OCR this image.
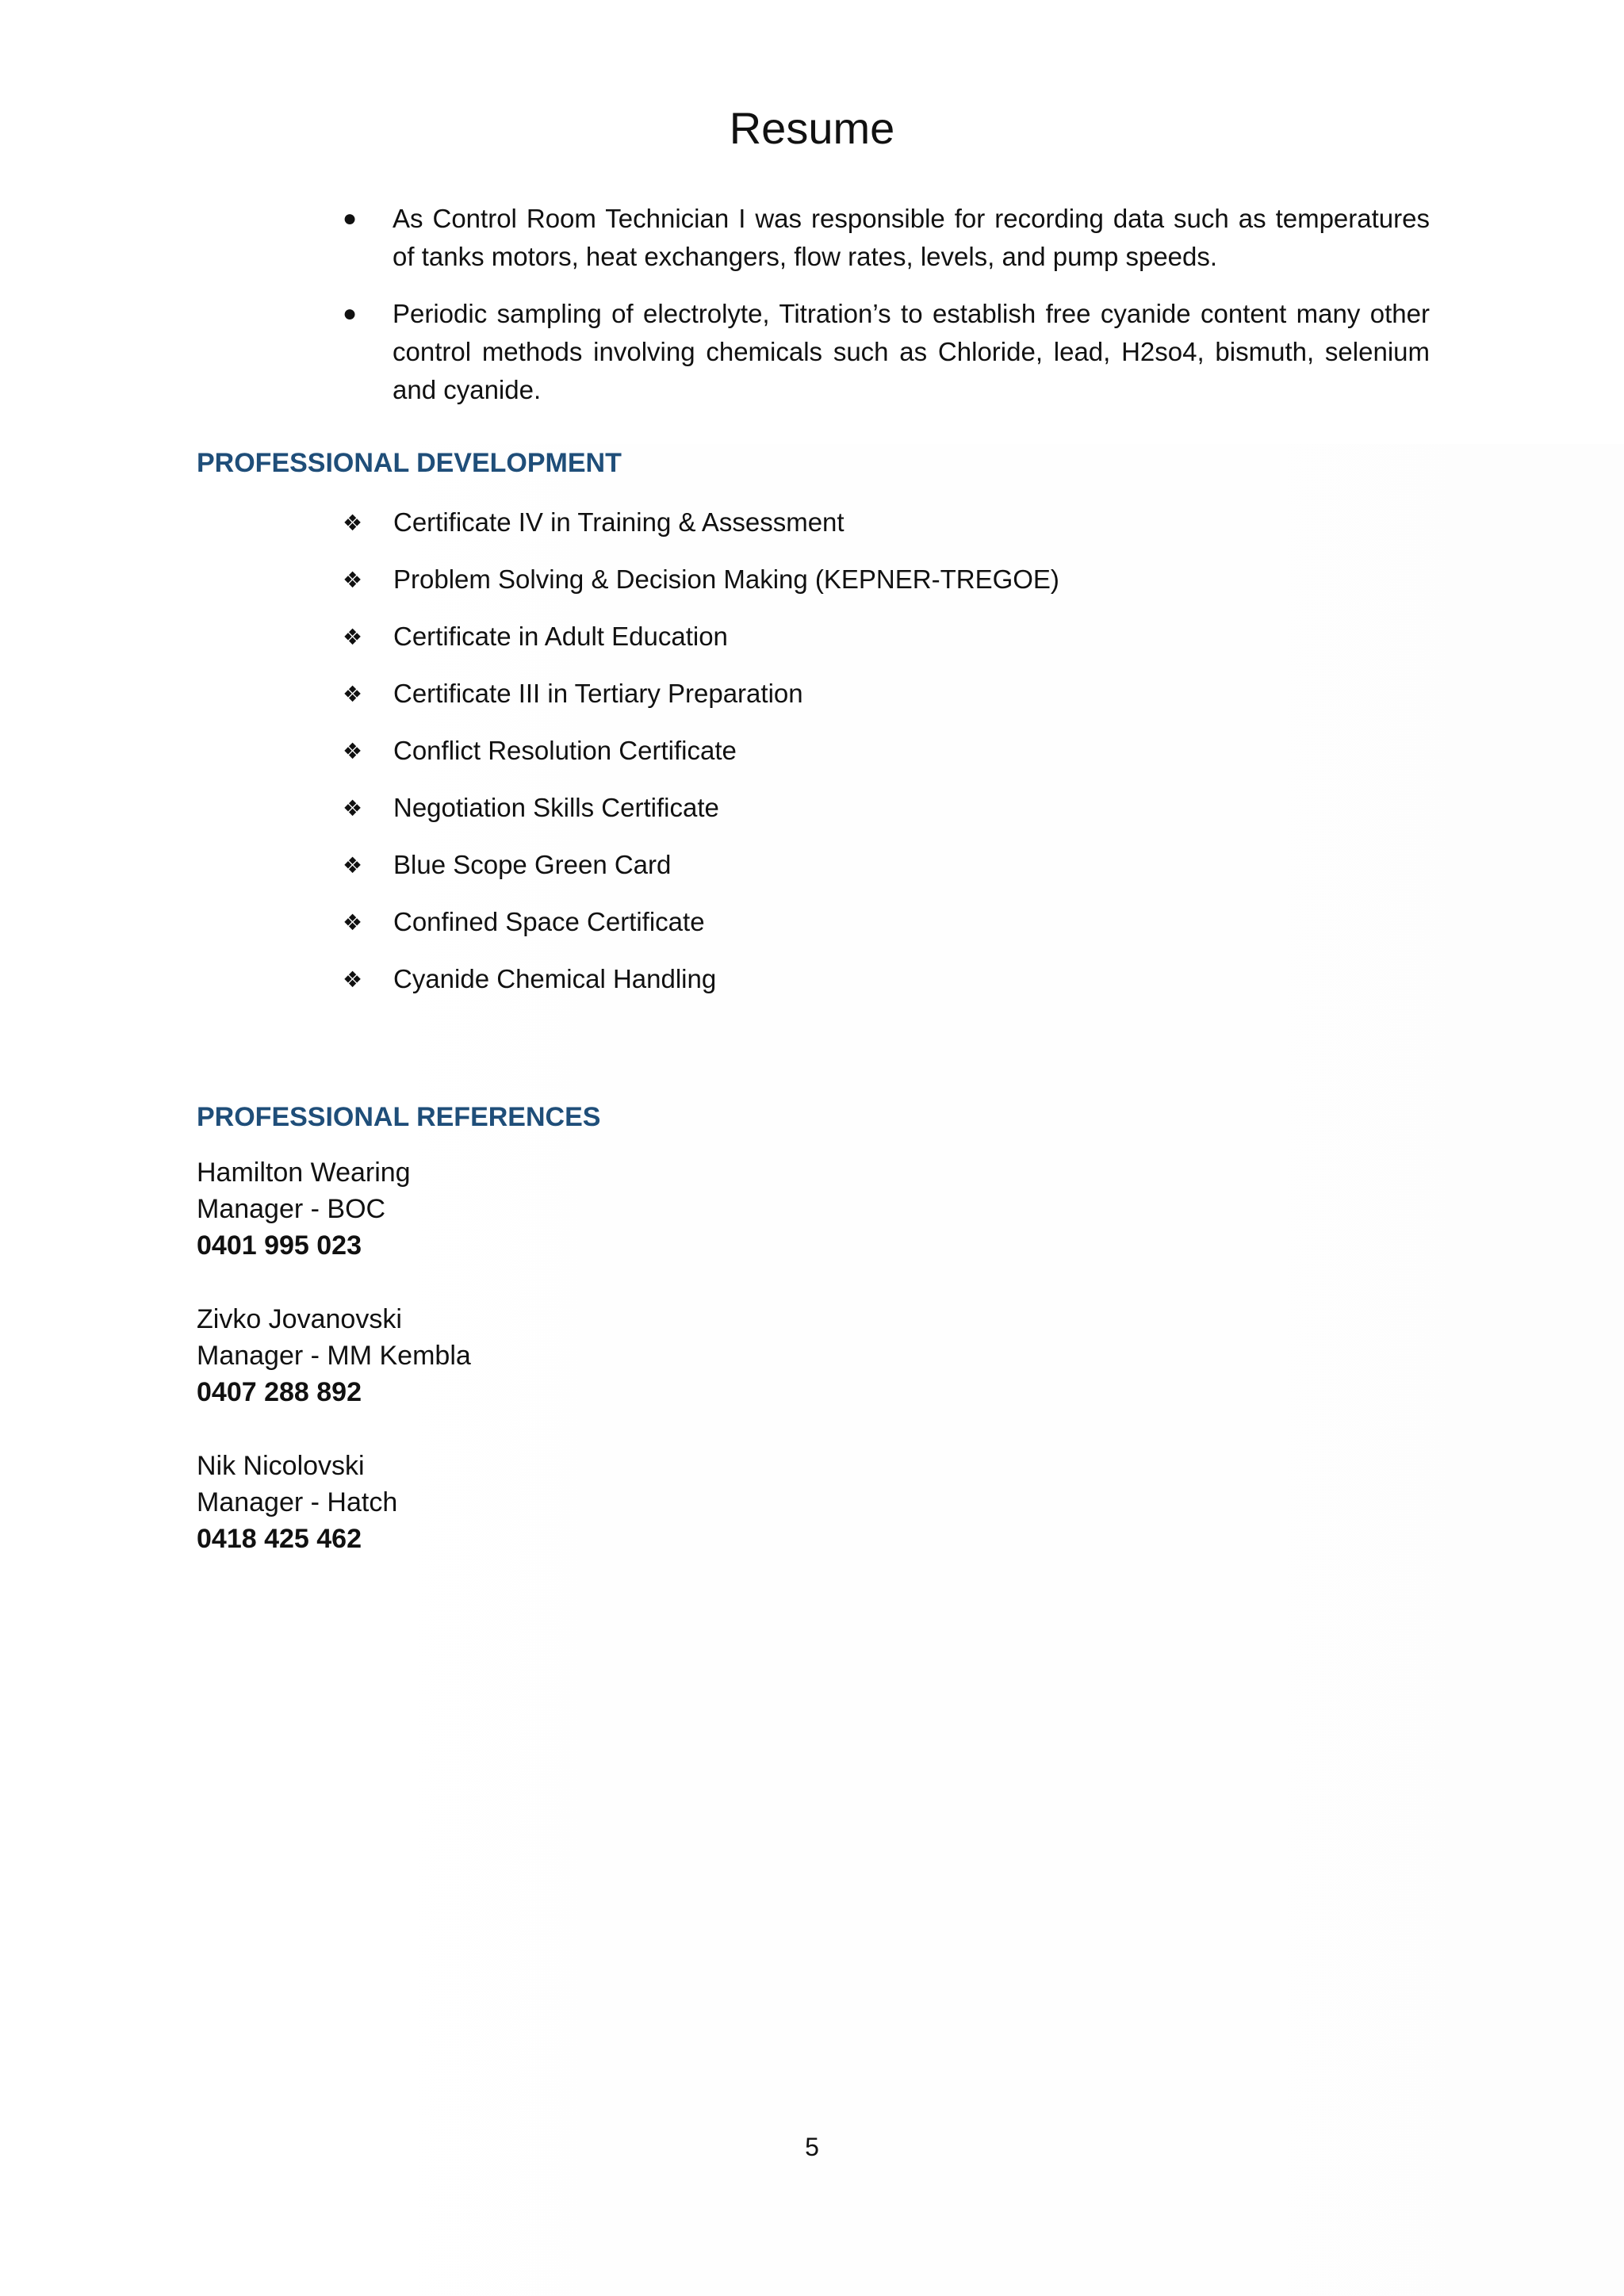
Resume
● As Control Room Technician I was responsible for recording data such as temperatures of tanks motors, heat exchangers, flow rates, levels, and pump speeds.
● Periodic sampling of electrolyte, Titration’s to establish free cyanide content many other control methods involving chemicals such as Chloride, lead, H2so4, bismuth, selenium and cyanide.
PROFESSIONAL DEVELOPMENT
❖	Certificate IV in Training & Assessment
❖	Problem Solving & Decision Making (KEPNER-TREGOE)
❖	Certificate in Adult Education
❖	Certificate III in Tertiary Preparation
❖	Conflict Resolution Certificate
❖	Negotiation Skills Certificate
❖	Blue Scope Green Card
❖	Confined Space Certificate
❖	Cyanide Chemical Handling
PROFESSIONAL REFERENCES
Hamilton Wearing
Manager - BOC
0401 995 023
Zivko Jovanovski
Manager - MM Kembla
0407 288 892
Nik Nicolovski
Manager - Hatch
0418 425 462
5
